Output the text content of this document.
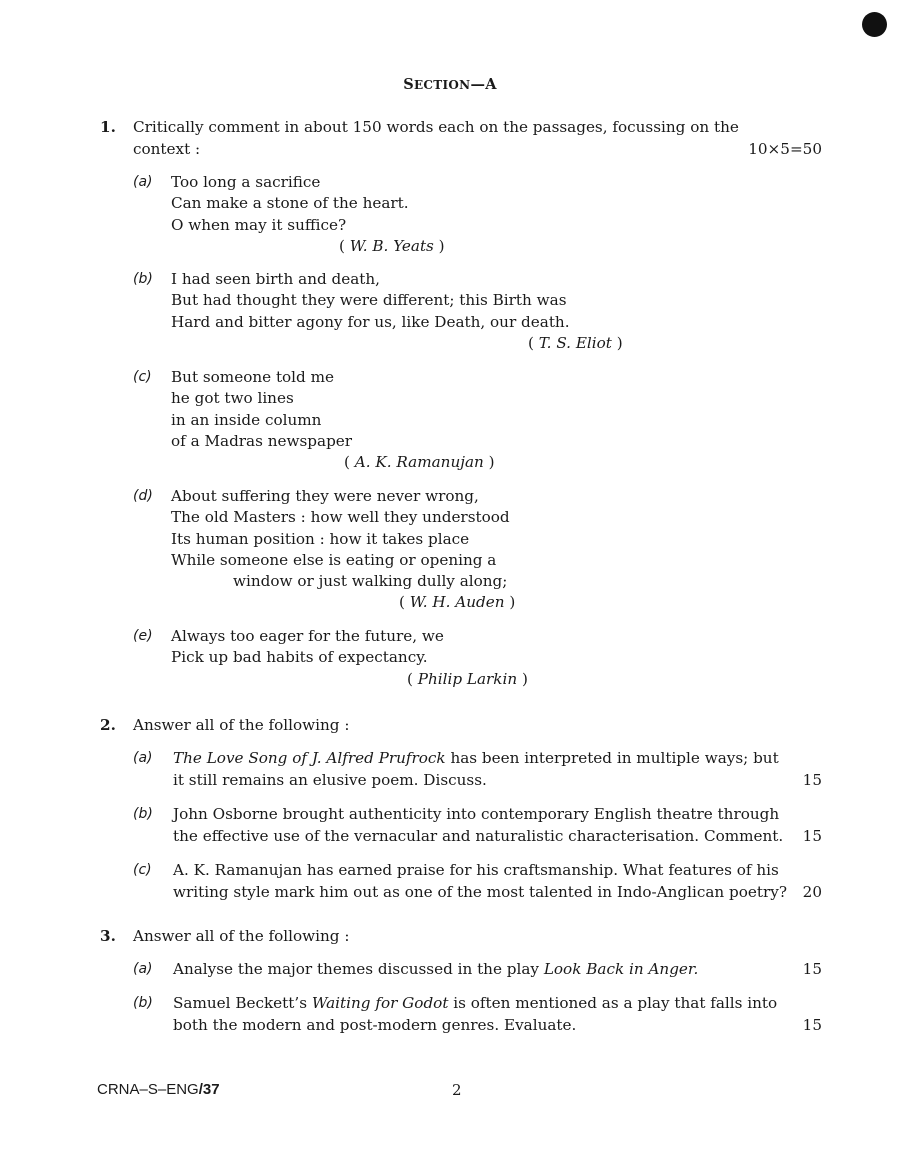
SECTION—A
1. Critically comment in about 150 words each on the passages, focussing on the
context :	10×5=50
(a) Too long a sacrifice
Can make a stone of the heart.
O when may it suffice?
( W. B. Yeats )
(b) I had seen birth and death,
But had thought they were different; this Birth was
Hard and bitter agony for us, like Death, our death.
( T. S. Eliot )
(c) But someone told me
he got two lines
in an inside column
of a Madras newspaper
( A. K. Ramanujan )
(d) About suffering they were never wrong,
The old Masters : how well they understood
Its human position : how it takes place
While someone else is eating or opening a
window or just walking dully along;
( W. H. Auden )
(e) Always too eager for the future, we
Pick up bad habits of expectancy.
( Philip Larkin )
2. Answer all of the following :
(a) The Love Song of J. Alfred Prufrock has been interpreted in multiple ways; but it still remains an elusive poem. Discuss.	15
(b) John Osborne brought authenticity into contemporary English theatre through the effective use of the vernacular and naturalistic characterisation. Comment.	15
(c) A. K. Ramanujan has earned praise for his craftsmanship. What features of his writing style mark him out as one of the most talented in Indo-Anglican poetry?	20
3. Answer all of the following :
(a) Analyse the major themes discussed in the play Look Back in Anger.	15
(b) Samuel Beckett’s Waiting for Godot is often mentioned as a play that falls into both the modern and post-modern genres. Evaluate.	15
CRNA–S–ENG/37	2
